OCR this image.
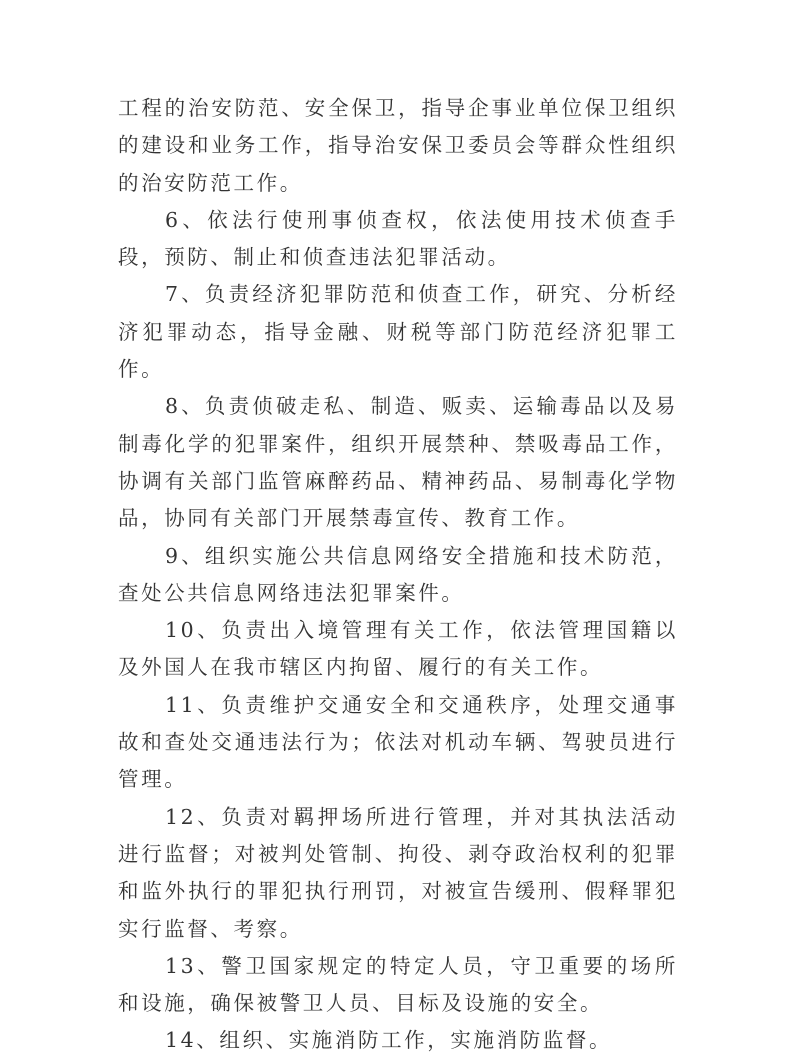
工程的治安防范、安全保卫，指导企事业单位保卫组织的建设和业务工作，指导治安保卫委员会等群众性组织的治安防范工作。

6、依法行使刑事侦查权，依法使用技术侦查手段，预防、制止和侦查违法犯罪活动。

7、负责经济犯罪防范和侦查工作，研究、分析经济犯罪动态，指导金融、财税等部门防范经济犯罪工作。

8、负责侦破走私、制造、贩卖、运输毒品以及易制毒化学的犯罪案件，组织开展禁种、禁吸毒品工作，协调有关部门监管麻醉药品、精神药品、易制毒化学物品，协同有关部门开展禁毒宣传、教育工作。

9、组织实施公共信息网络安全措施和技术防范，查处公共信息网络违法犯罪案件。

10、负责出入境管理有关工作，依法管理国籍以及外国人在我市辖区内拘留、履行的有关工作。

11、负责维护交通安全和交通秩序，处理交通事故和查处交通违法行为；依法对机动车辆、驾驶员进行管理。

12、负责对羁押场所进行管理，并对其执法活动进行监督；对被判处管制、拘役、剥夺政治权利的犯罪和监外执行的罪犯执行刑罚，对被宣告缓刑、假释罪犯实行监督、考察。

13、警卫国家规定的特定人员，守卫重要的场所和设施，确保被警卫人员、目标及设施的安全。

14、组织、实施消防工作，实施消防监督。
